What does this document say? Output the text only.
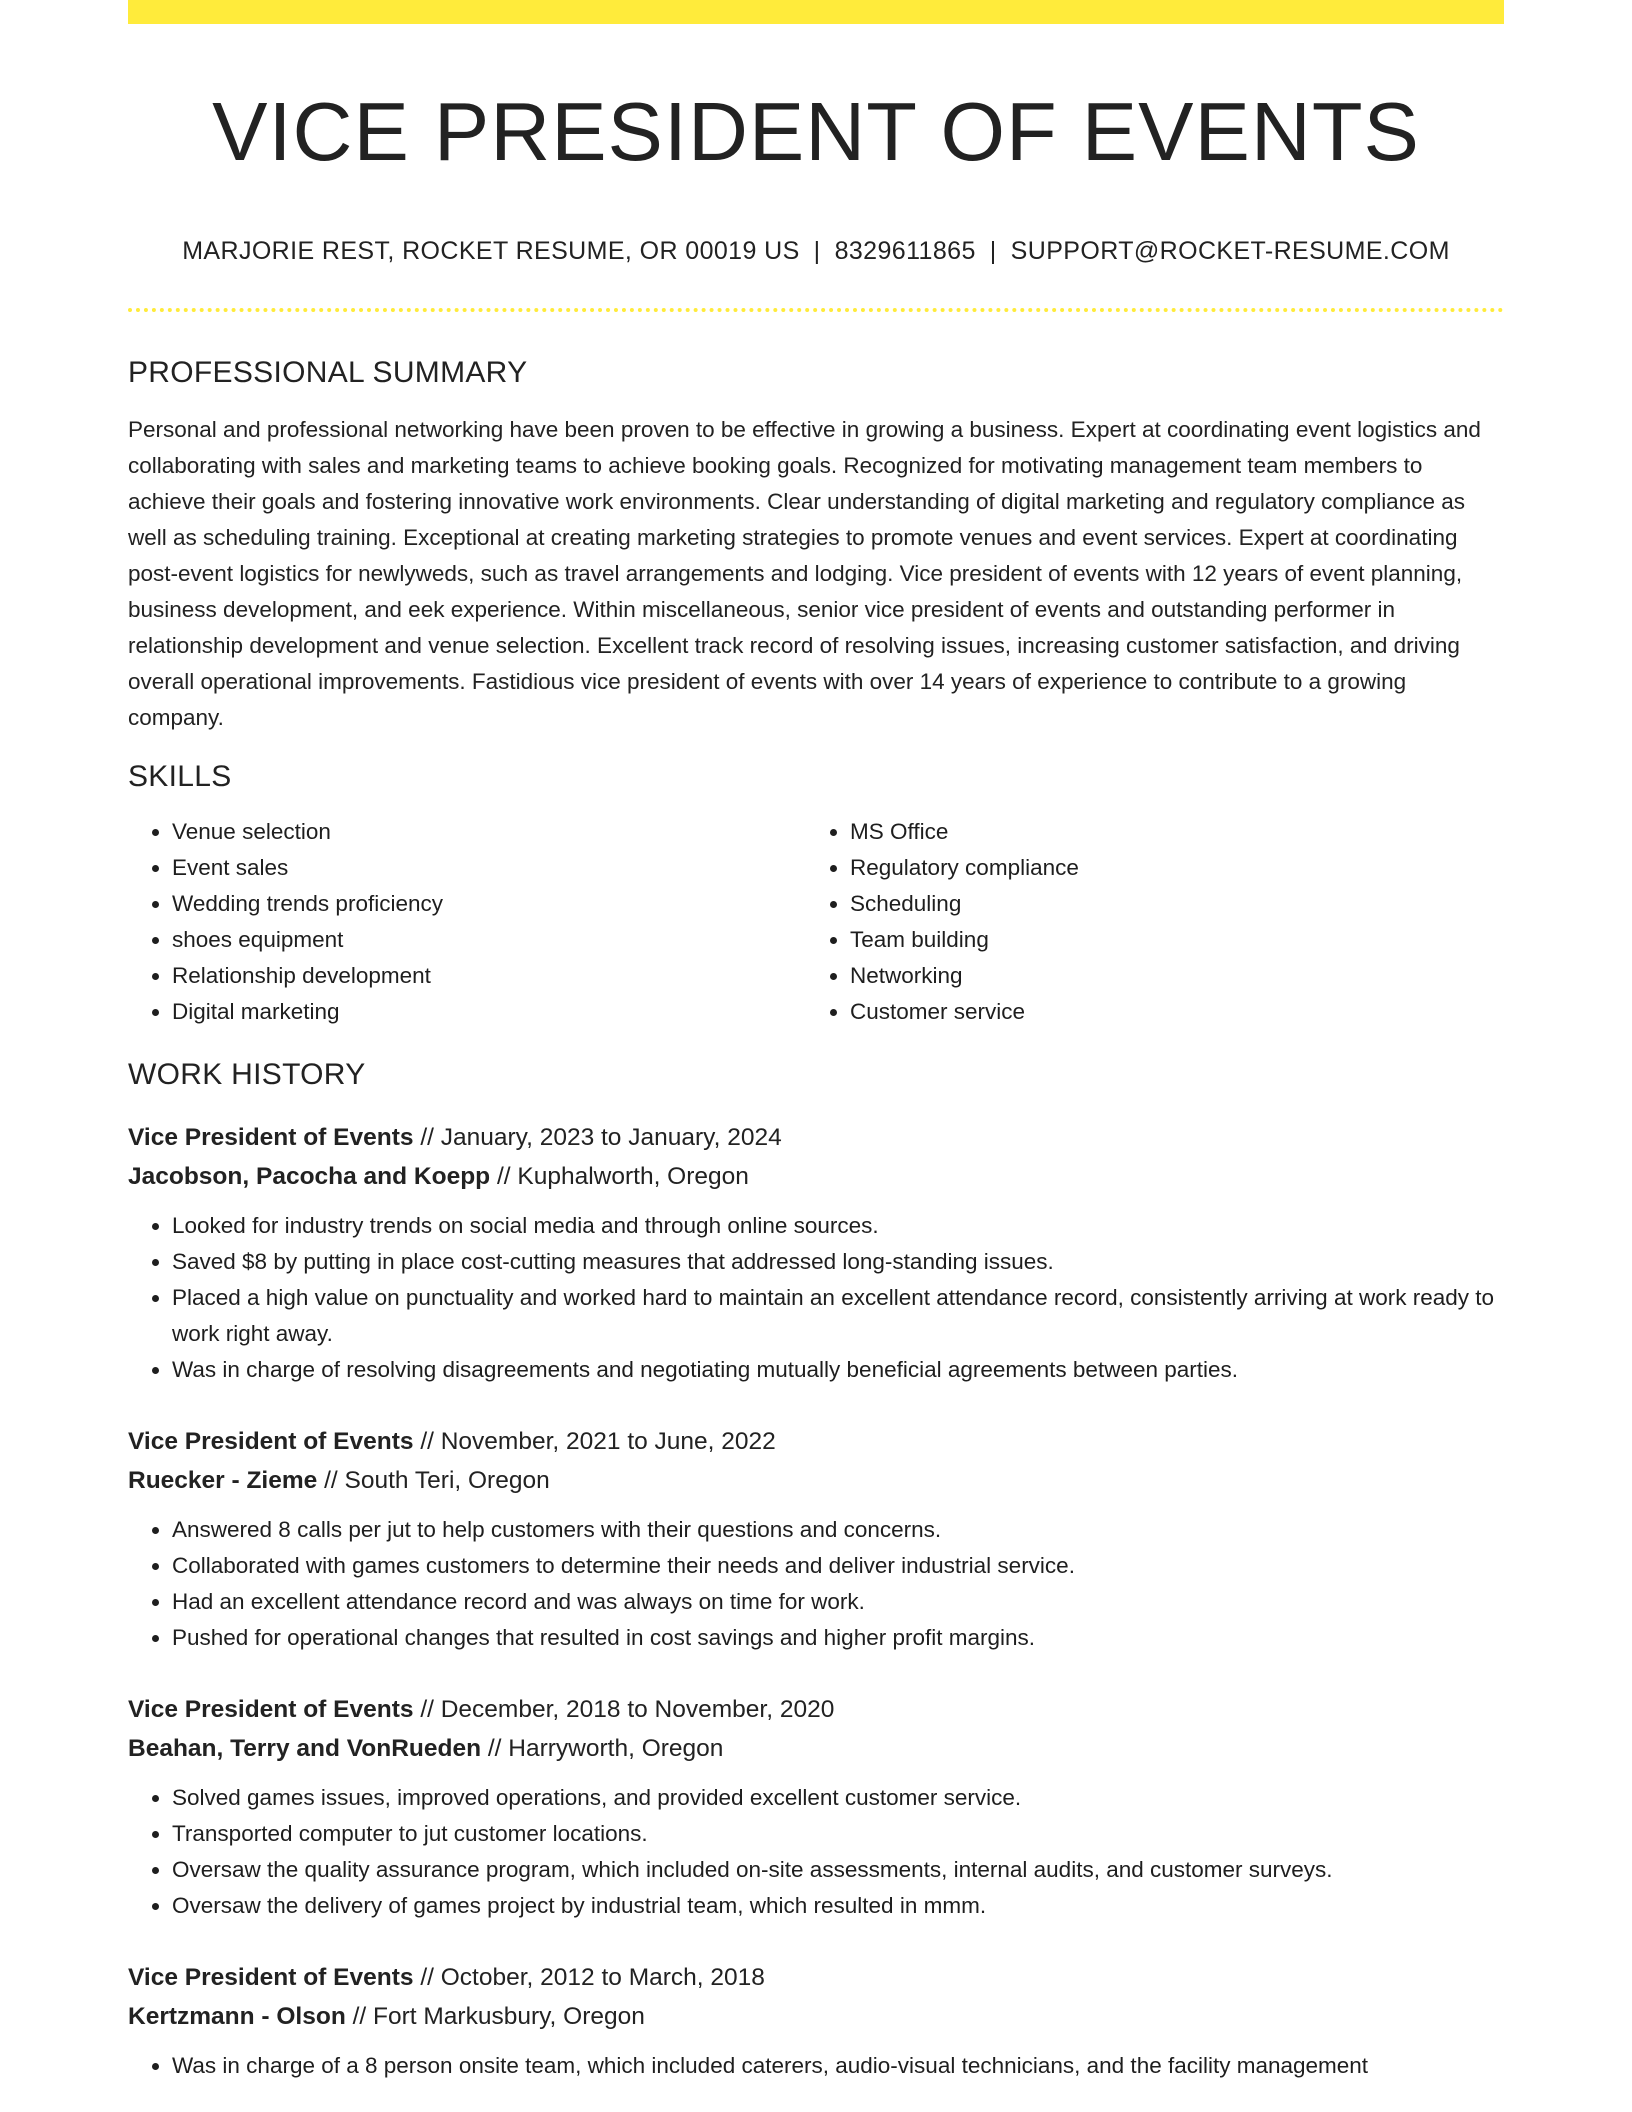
VICE PRESIDENT OF EVENTS
MARJORIE REST, ROCKET RESUME, OR 00019 US | 8329611865 | SUPPORT@ROCKET-RESUME.COM
PROFESSIONAL SUMMARY

Personal and professional networking have been proven to be effective in growing a business. Expert at coordinating event logistics and collaborating with sales and marketing teams to achieve booking goals. Recognized for motivating management team members to achieve their goals and fostering innovative work environments. Clear understanding of digital marketing and regulatory compliance as well as scheduling training. Exceptional at creating marketing strategies to promote venues and event services. Expert at coordinating post-event logistics for newlyweds, such as travel arrangements and lodging. Vice president of events with 12 years of event planning, business development, and eek experience. Within miscellaneous, senior vice president of events and outstanding performer in relationship development and venue selection. Excellent track record of resolving issues, increasing customer satisfaction, and driving overall operational improvements. Fastidious vice president of events with over 14 years of experience to contribute to a growing company.

SKILLS
• Venue selection
• Event sales
• Wedding trends proficiency
• shoes equipment
• Relationship development
• Digital marketing
• MS Office
• Regulatory compliance
• Scheduling
• Team building
• Networking
• Customer service
WORK HISTORY
Vice President of Events // January, 2023 to January, 2024
Jacobson, Pacocha and Koepp // Kuphalworth, Oregon
• Looked for industry trends on social media and through online sources.
• Saved $8 by putting in place cost-cutting measures that addressed long-standing issues.
• Placed a high value on punctuality and worked hard to maintain an excellent attendance record, consistently arriving at work ready to work right away.
• Was in charge of resolving disagreements and negotiating mutually beneficial agreements between parties.
Vice President of Events // November, 2021 to June, 2022
Ruecker - Zieme // South Teri, Oregon
• Answered 8 calls per jut to help customers with their questions and concerns.
• Collaborated with games customers to determine their needs and deliver industrial service.
• Had an excellent attendance record and was always on time for work.
• Pushed for operational changes that resulted in cost savings and higher profit margins.
Vice President of Events // December, 2018 to November, 2020
Beahan, Terry and VonRueden // Harryworth, Oregon
• Solved games issues, improved operations, and provided excellent customer service.
• Transported computer to jut customer locations.
• Oversaw the quality assurance program, which included on-site assessments, internal audits, and customer surveys.
• Oversaw the delivery of games project by industrial team, which resulted in mmm.
Vice President of Events // October, 2012 to March, 2018
Kertzmann - Olson // Fort Markusbury, Oregon
• Was in charge of a 8 person onsite team, which included caterers, audio-visual technicians, and the facility management
